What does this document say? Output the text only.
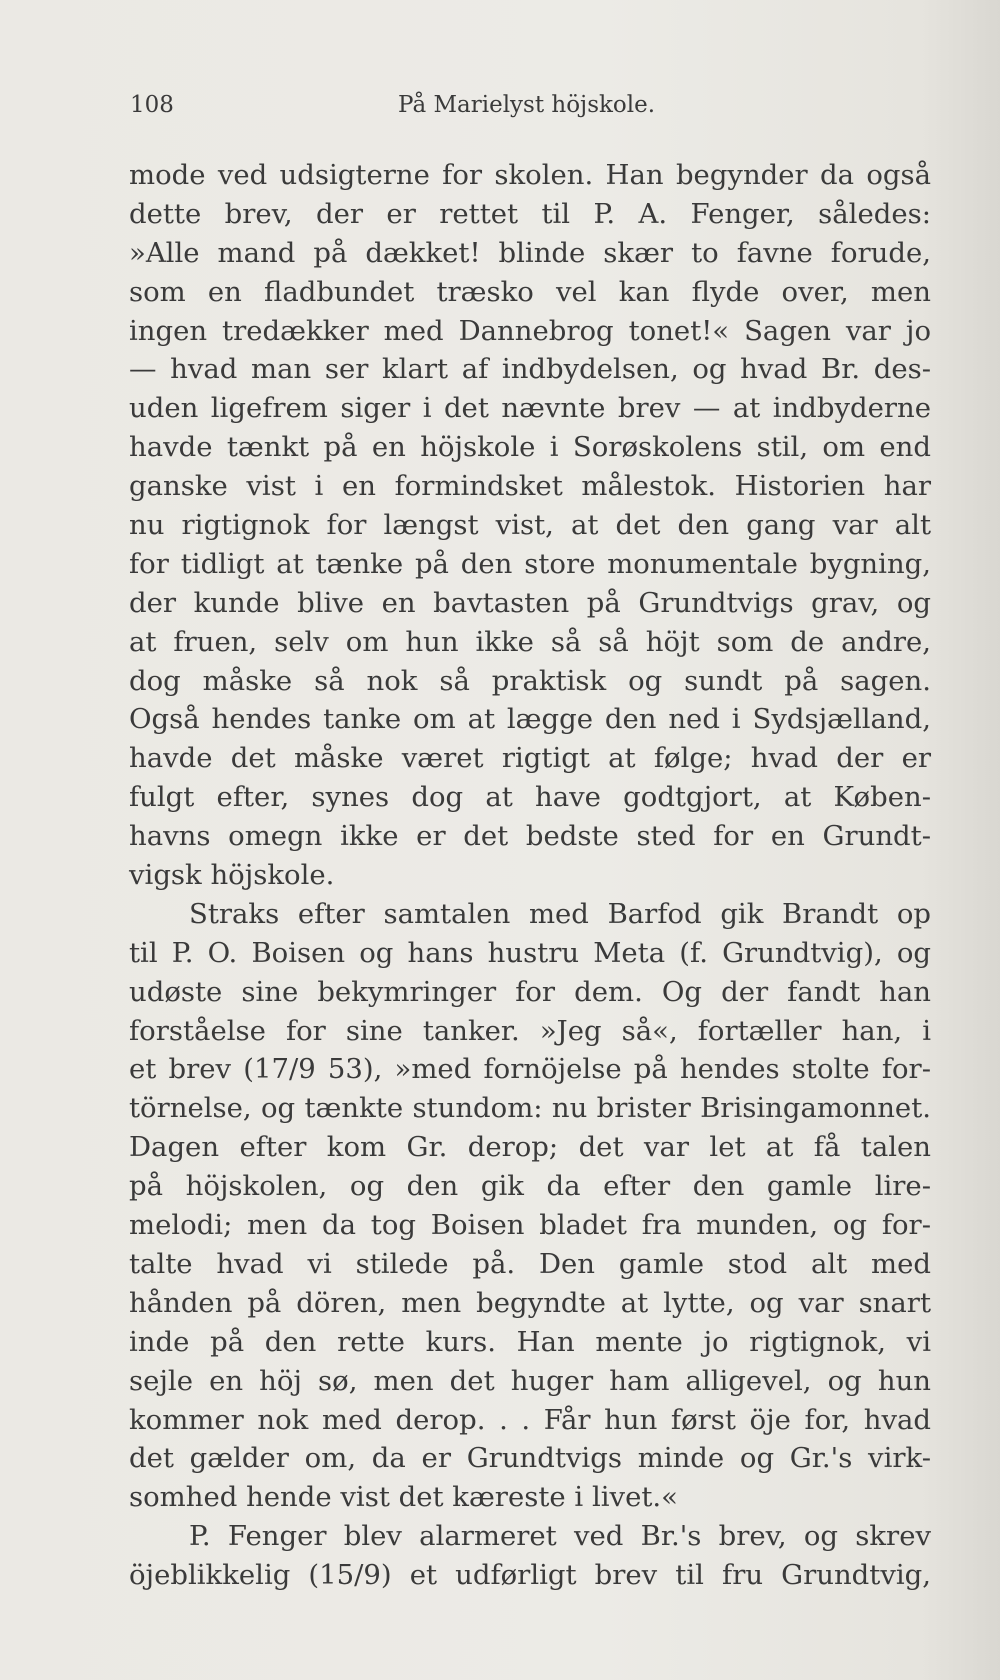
108	På Marielyst höjskole.
mode ved udsigterne for skolen. Han begynder da også
dette brev, der er rettet til P. A. Fenger, således:
»Alle mand på dækket! blinde skær to favne forude,
som en fladbundet træsko vel kan flyde over, men
ingen tredækker med Dannebrog tonet!« Sagen var jo
— hvad man ser klart af indbydelsen, og hvad Br. des-
uden ligefrem siger i det nævnte brev — at indbyderne
havde tænkt på en höjskole i Sorøskolens stil, om end
ganske vist i en formindsket målestok. Historien har
nu rigtignok for længst vist, at det den gang var alt
for tidligt at tænke på den store monumentale bygning,
der kunde blive en bavtasten på Grundtvigs grav, og
at fruen, selv om hun ikke så så höjt som de andre,
dog måske så nok så praktisk og sundt på sagen.
Også hendes tanke om at lægge den ned i Sydsjælland,
havde det måske været rigtigt at følge; hvad der er
fulgt efter, synes dog at have godtgjort, at Køben-
havns omegn ikke er det bedste sted for en Grundt-
vigsk höjskole.
Straks efter samtalen med Barfod gik Brandt op
til P. O. Boisen og hans hustru Meta (f. Grundtvig), og
udøste sine bekymringer for dem. Og der fandt han
forståelse for sine tanker. »Jeg så«, fortæller han, i
et brev (17/9 53), »med fornöjelse på hendes stolte for-
törnelse, og tænkte stundom: nu brister Brisingamonnet.
Dagen efter kom Gr. derop; det var let at få talen
på höjskolen, og den gik da efter den gamle lire-
melodi; men da tog Boisen bladet fra munden, og for-
talte hvad vi stilede på. Den gamle stod alt med
hånden på dören, men begyndte at lytte, og var snart
inde på den rette kurs. Han mente jo rigtignok, vi
sejle en höj sø, men det huger ham alligevel, og hun
kommer nok med derop. . . Får hun først öje for, hvad
det gælder om, da er Grundtvigs minde og Gr.'s virk-
somhed hende vist det kæreste i livet.«
P. Fenger blev alarmeret ved Br.'s brev, og skrev
öjeblikkelig (15/9) et udførligt brev til fru Grundtvig,
